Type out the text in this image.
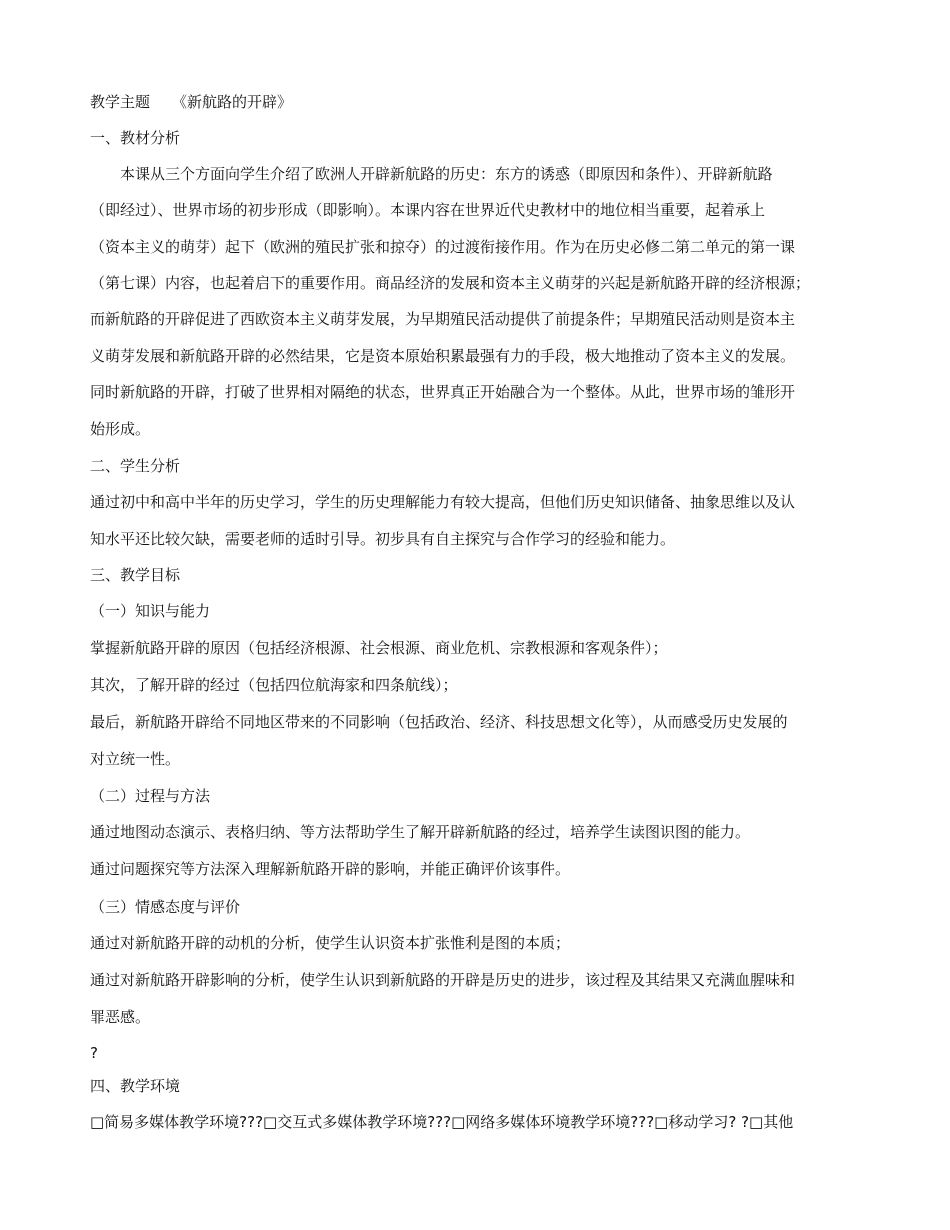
教学主题 《新航路的开辟》
一、教材分析
本课从三个方面向学生介绍了欧洲人开辟新航路的历史：东方的诱惑（即原因和条件）、开辟新航路
（即经过）、世界市场的初步形成（即影响）。本课内容在世界近代史教材中的地位相当重要，起着承上
（资本主义的萌芽）起下（欧洲的殖民扩张和掠夺）的过渡衔接作用。作为在历史必修二第二单元的第一课
（第七课）内容，也起着启下的重要作用。商品经济的发展和资本主义萌芽的兴起是新航路开辟的经济根源；
而新航路的开辟促进了西欧资本主义萌芽发展，为早期殖民活动提供了前提条件；早期殖民活动则是资本主
义萌芽发展和新航路开辟的必然结果，它是资本原始积累最强有力的手段，极大地推动了资本主义的发展。
同时新航路的开辟，打破了世界相对隔绝的状态，世界真正开始融合为一个整体。从此，世界市场的雏形开
始形成。
二、学生分析
通过初中和高中半年的历史学习，学生的历史理解能力有较大提高，但他们历史知识储备、抽象思维以及认
知水平还比较欠缺，需要老师的适时引导。初步具有自主探究与合作学习的经验和能力。
三、教学目标
（一）知识与能力
掌握新航路开辟的原因（包括经济根源、社会根源、商业危机、宗教根源和客观条件）；
其次，了解开辟的经过（包括四位航海家和四条航线）；
最后，新航路开辟给不同地区带来的不同影响（包括政治、经济、科技思想文化等），从而感受历史发展的
对立统一性。
（二）过程与方法
通过地图动态演示、表格归纳、等方法帮助学生了解开辟新航路的经过，培养学生读图识图的能力。
通过问题探究等方法深入理解新航路开辟的影响，并能正确评价该事件。
（三）情感态度与评价
通过对新航路开辟的动机的分析，使学生认识资本扩张惟利是图的本质；
通过对新航路开辟影响的分析，使学生认识到新航路的开辟是历史的进步，该过程及其结果又充满血腥味和
罪恶感。
?
四、教学环境
□简易多媒体教学环境???□交互式多媒体教学环境???□网络多媒体环境教学环境???□移动学习? ?□其他
